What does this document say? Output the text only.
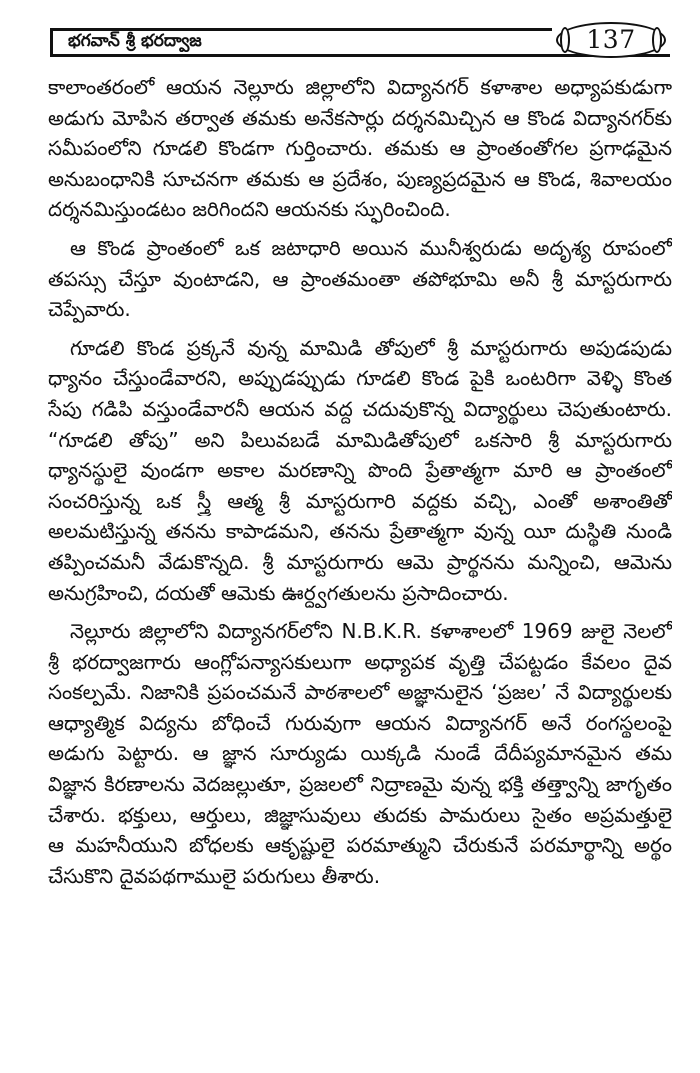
భగవాన్ శ్రీ భరద్వాజ	137
కాలాంతరంలో ఆయన నెల్లూరు జిల్లాలోని విద్యానగర్ కళాశాల అధ్యాపకుడుగా
అడుగు మోపిన తర్వాత తమకు అనేకసార్లు దర్శనమిచ్చిన ఆ కొండ విద్యానగర్‌కు
సమీపంలోని గూడలి కొండగా గుర్తించారు. తమకు ఆ ప్రాంతంతోగల ప్రగాఢమైన
అనుబంధానికి సూచనగా తమకు ఆ ప్రదేశం, పుణ్యప్రదమైన ఆ కొండ, శివాలయం
దర్శనమిస్తుండటం జరిగిందని ఆయనకు స్ఫురించింది.
ఆ కొండ ప్రాంతంలో ఒక జటాధారి అయిన మునీశ్వరుడు అదృశ్య రూపంలో
తపస్సు చేస్తూ వుంటాడని, ఆ ప్రాంతమంతా తపోభూమి అనీ శ్రీ మాస్టరుగారు
చెప్పేవారు.
గూడలి కొండ ప్రక్కనే వున్న మామిడి తోపులో శ్రీ మాస్టరుగారు అపుడపుడు
ధ్యానం చేస్తుండేవారని, అప్పుడప్పుడు గూడలి కొండ పైకి ఒంటరిగా వెళ్ళి కొంత
సేపు గడిపి వస్తుండేవారనీ ఆయన వద్ద చదువుకొన్న విద్యార్థులు చెపుతుంటారు.
“గూడలి తోపు” అని పిలువబడే మామిడితోపులో ఒకసారి శ్రీ మాస్టరుగారు
ధ్యానస్థులై వుండగా అకాల మరణాన్ని పొంది ప్రేతాత్మగా మారి ఆ ప్రాంతంలో
సంచరిస్తున్న ఒక స్త్రీ ఆత్మ శ్రీ మాస్టరుగారి వద్దకు వచ్చి, ఎంతో అశాంతితో
అలమటిస్తున్న తనను కాపాడమని, తనను ప్రేతాత్మగా వున్న యీ దుస్థితి నుండి
తప్పించమనీ వేడుకొన్నది. శ్రీ మాస్టరుగారు ఆమె ప్రార్థనను మన్నించి, ఆమెను
అనుగ్రహించి, దయతో ఆమెకు ఊర్ధ్వగతులను ప్రసాదించారు.
నెల్లూరు జిల్లాలోని విద్యానగర్‌లోని N.B.K.R. కళాశాలలో 1969 జులై నెలలో
శ్రీ భరద్వాజగారు ఆంగ్లోపన్యాసకులుగా అధ్యాపక వృత్తి చేపట్టడం కేవలం దైవ
సంకల్పమే. నిజానికి ప్రపంచమనే పాఠశాలలో అజ్ఞానులైన ‘ప్రజల’ నే విద్యార్థులకు
ఆధ్యాత్మిక విద్యను బోధించే గురువుగా ఆయన విద్యానగర్ అనే రంగస్థలంపై
అడుగు పెట్టారు. ఆ జ్ఞాన సూర్యుడు యిక్కడి నుండే దేదీప్యమానమైన తమ
విజ్ఞాన కిరణాలను వెదజల్లుతూ, ప్రజలలో నిద్రాణమై వున్న భక్తి తత్త్వాన్ని జాగృతం
చేశారు. భక్తులు, ఆర్తులు, జిజ్ఞాసువులు తుదకు పామరులు సైతం అప్రమత్తులై
ఆ మహనీయుని బోధలకు ఆకృష్టులై పరమాత్ముని చేరుకునే పరమార్థాన్ని అర్థం
చేసుకొని దైవపథగాములై పరుగులు తీశారు.
